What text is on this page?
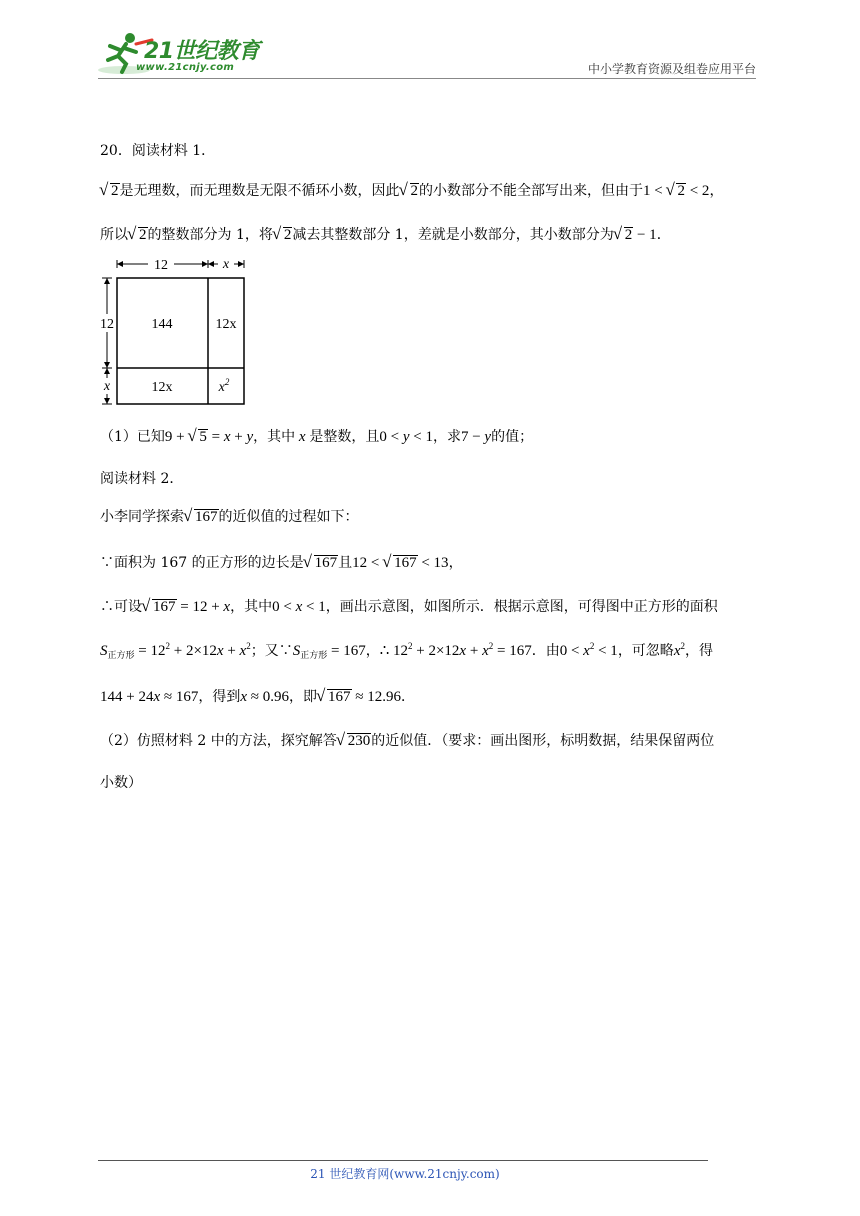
21世纪教育
www.21cnjy.com	中小学教育资源及组卷应用平台
20．阅读材料 1．
√ 2是无理数，而无理数是无限不循环小数，因此 √ 2的小数部分不能全部写出来，但由于1 < √ 2 < 2，
所以 √ 2的整数部分为 1，将 √ 2减去其整数部分 1，差就是小数部分，其小数部分为 √ 2 − 1．
12	x
12
x
144	12x
12x	$x^2$
（1）已知9 + √ 5 = x + y，其中 x 是整数，且0 < y < 1，求7 − y的值；
阅读材料 2．
小李同学探索 √ 167的近似值的过程如下：
∵面积为 167 的正方形的边长是 √ 167且12 < √ 167 < 13，
∴可设 √ 167 = 12 + x，其中0 < x < 1，画出示意图，如图所示．根据示意图，可得图中正方形的面积
$S_{正方形} = 12^2 + 2\times 12x + x^2$；又$\because S_{正方形} = 167$，∴ $12^2 + 2\times 12x + x^2 = 167$．由$0 < x^2 < 1$，可忽略$x^2$，得
144 + 24x ≈ 167，得到x ≈ 0.96，即 √ 167 ≈ 12.96．
（2）仿照材料 2 中的方法，探究解答 √ 230的近似值．（要求：画出图形，标明数据，结果保留两位
小数）
21 世纪教育网(www.21cnjy.com)
